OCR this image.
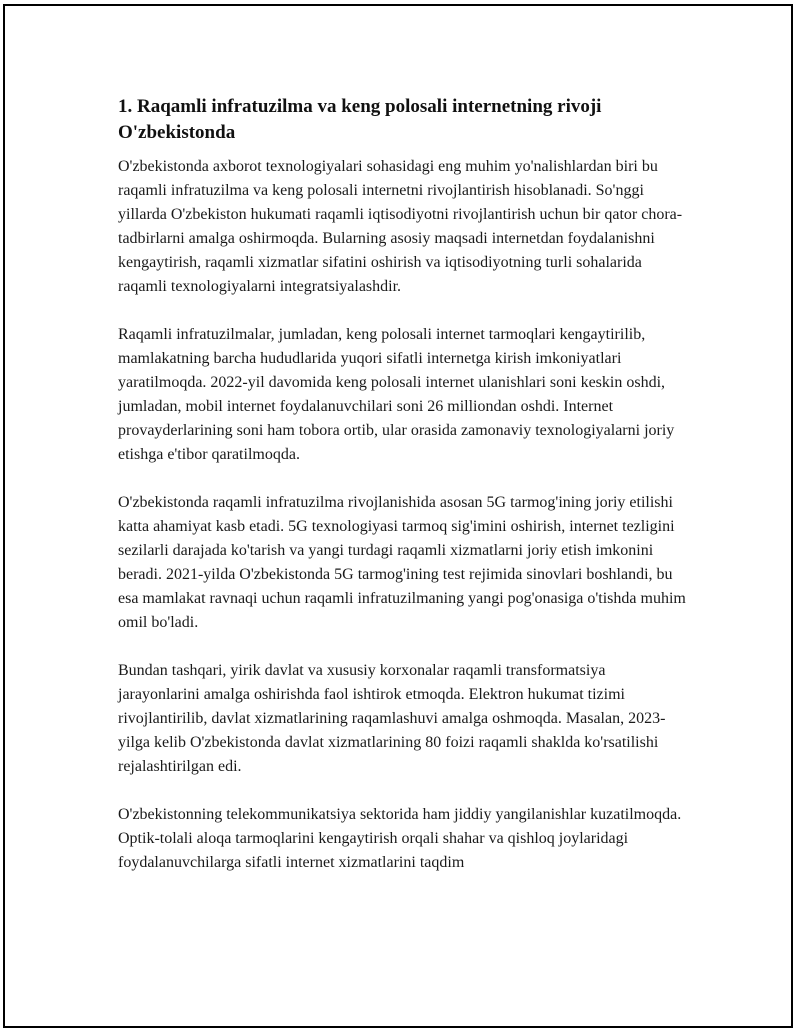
1. Raqamli infratuzilma va keng polosali internetning rivoji O'zbekistonda

O'zbekistonda axborot texnologiyalari sohasidagi eng muhim yo'nalishlardan biri bu raqamli infratuzilma va keng polosali internetni rivojlantirish hisoblanadi. So'nggi yillarda O'zbekiston hukumati raqamli iqtisodiyotni rivojlantirish uchun bir qator chora-tadbirlarni amalga oshirmoqda. Bularning asosiy maqsadi internetdan foydalanishni kengaytirish, raqamli xizmatlar sifatini oshirish va iqtisodiyotning turli sohalarida raqamli texnologiyalarni integratsiyalashdir.

Raqamli infratuzilmalar, jumladan, keng polosali internet tarmoqlari kengaytirilib, mamlakatning barcha hududlarida yuqori sifatli internetga kirish imkoniyatlari yaratilmoqda. 2022-yil davomida keng polosali internet ulanishlari soni keskin oshdi, jumladan, mobil internet foydalanuvchilari soni 26 milliondan oshdi. Internet provayderlarining soni ham tobora ortib, ular orasida zamonaviy texnologiyalarni joriy etishga e'tibor qaratilmoqda.

O'zbekistonda raqamli infratuzilma rivojlanishida asosan 5G tarmog'ining joriy etilishi katta ahamiyat kasb etadi. 5G texnologiyasi tarmoq sig'imini oshirish, internet tezligini sezilarli darajada ko'tarish va yangi turdagi raqamli xizmatlarni joriy etish imkonini beradi. 2021-yilda O'zbekistonda 5G tarmog'ining test rejimida sinovlari boshlandi, bu esa mamlakat ravnaqi uchun raqamli infratuzilmaning yangi pog'onasiga o'tishda muhim omil bo'ladi.

Bundan tashqari, yirik davlat va xususiy korxonalar raqamli transformatsiya jarayonlarini amalga oshirishda faol ishtirok etmoqda. Elektron hukumat tizimi rivojlantirilib, davlat xizmatlarining raqamlashuvi amalga oshmoqda. Masalan, 2023-yilga kelib O'zbekistonda davlat xizmatlarining 80 foizi raqamli shaklda ko'rsatilishi rejalashtirilgan edi.

O'zbekistonning telekommunikatsiya sektorida ham jiddiy yangilanishlar kuzatilmoqda. Optik-tolali aloqa tarmoqlarini kengaytirish orqali shahar va qishloq joylaridagi foydalanuvchilarga sifatli internet xizmatlarini taqdim
